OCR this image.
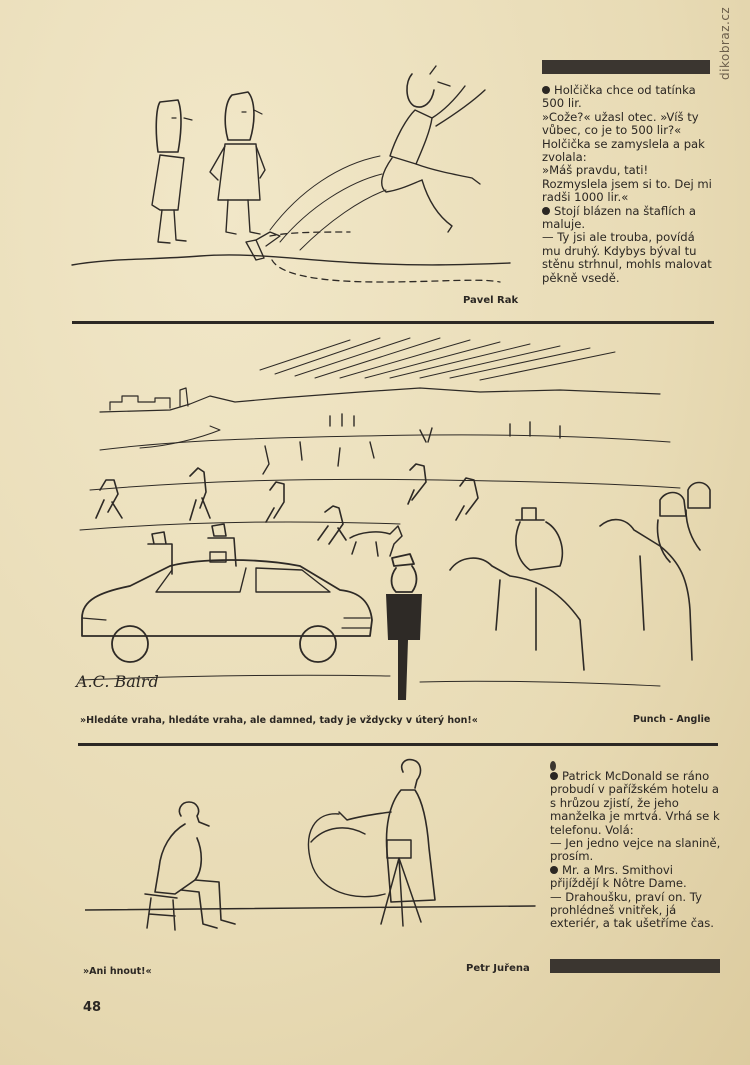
dikobraz.cz
Pavel Rak

Holčička chce od tatínka 500 lir.

»Cože?« užasl otec. »Víš ty vůbec, co je to 500 lir?« Holčička se zamyslela a pak zvolala:

»Máš pravdu, tati! Rozmyslela jsem si to. Dej mi radši 1000 lir.«

Stojí blázen na štaflích a maluje.

— Ty jsi ale trouba, povídá mu druhý. Kdybys býval tu stěnu strhnul, mohls malovat pěkně vsedě.

A.C. Baird
»Hledáte vraha, hledáte vraha, ale damned, tady je vždycky v úterý hon!«	Punch - Anglie

Patrick McDonald se ráno probudí v pařížském hotelu a s hrůzou zjistí, že jeho manželka je mrtvá. Vrhá se k telefonu. Volá:

— Jen jedno vejce na slanině, prosím.

Mr. a Mrs. Smithovi přijíždějí k Nôtre Dame.

— Drahoušku, praví on. Ty prohlédneš vnitřek, já exteriér, a tak ušetříme čas.

»Ani hnout!«	Petr Juřena
48
